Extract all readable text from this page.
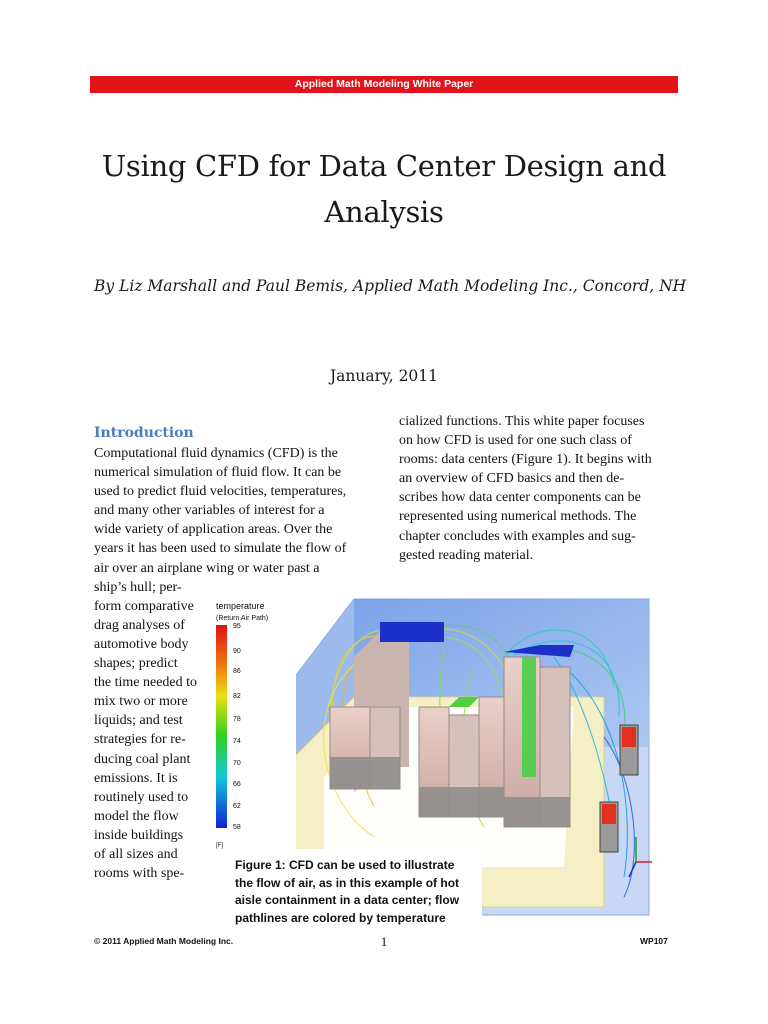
Applied Math Modeling White Paper
Using CFD for Data Center Design and
Analysis
By Liz Marshall and Paul Bemis, Applied Math Modeling Inc., Concord, NH
January, 2011
Introduction
Computational fluid dynamics (CFD) is the
numerical simulation of fluid flow. It can be
used to predict fluid velocities, temperatures,
and many other variables of interest for a
wide variety of application areas. Over the
years it has been used to simulate the flow of
air over an airplane wing or water past a
ship’s hull; per-
form comparative
drag analyses of
automotive body
shapes; predict
the time needed to
mix two or more
liquids; and test
strategies for re-
ducing coal plant
emissions. It is
routinely used to
model the flow
inside buildings
of all sizes and
rooms with spe-
cialized functions. This white paper focuses
on how CFD is used for one such class of
rooms: data centers (Figure 1). It begins with
an overview of CFD basics and then de-
scribes how data center components can be
represented using numerical methods. The
chapter concludes with examples and sug-
gested reading material.
temperature
(Return Air Path)
95
90
86
82
78
74
70
66
62
58
[F]
Figure 1: CFD can be used to illustrate
the flow of air, as in this example of hot
aisle containment in a data center; flow
pathlines are colored by temperature
© 2011 Applied Math Modeling Inc.	1	WP107
